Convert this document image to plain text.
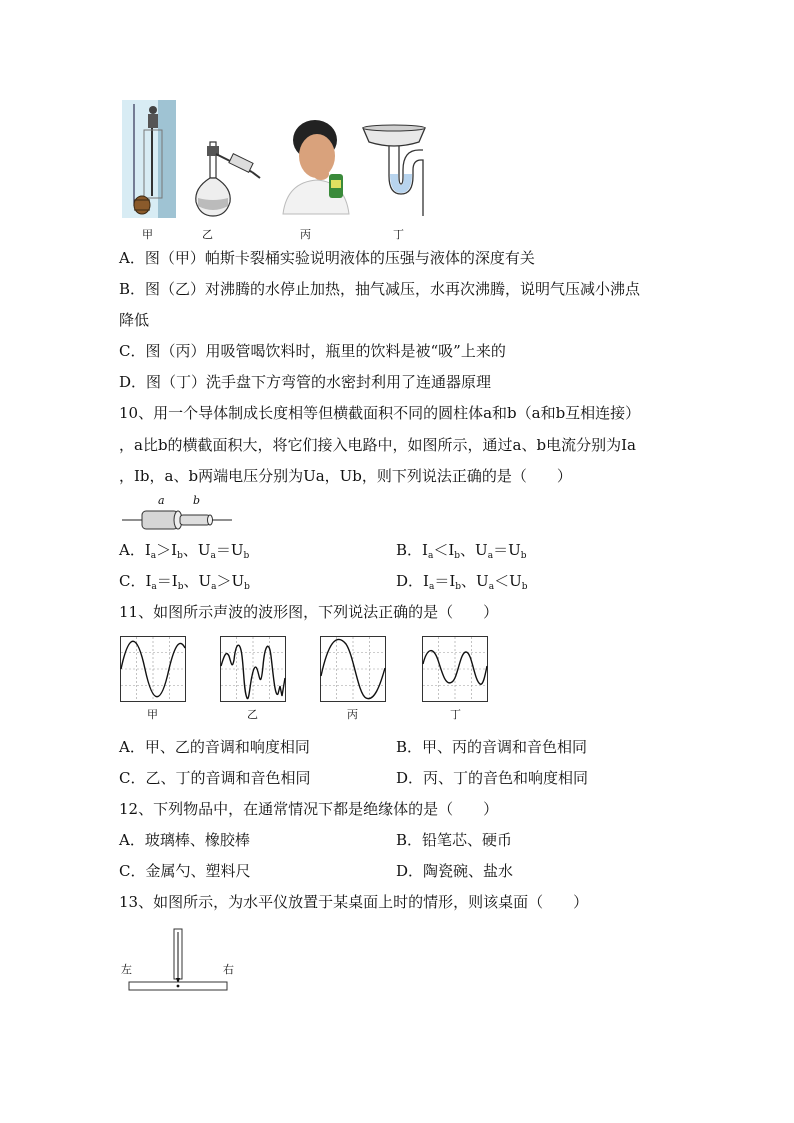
甲	乙	丙	丁
A．图（甲）帕斯卡裂桶实验说明液体的压强与液体的深度有关
B．图（乙）对沸腾的水停止加热，抽气减压，水再次沸腾，说明气压减小沸点
降低
C．图（丙）用吸管喝饮料时，瓶里的饮料是被“吸”上来的
D．图（丁）洗手盘下方弯管的水密封利用了连通器原理
10、用一个导体制成长度相等但横截面积不同的圆柱体a和b（a和b互相连接）
，a比b的横截面积大，将它们接入电路中，如图所示，通过a、b电流分别为Ia
，Ib，a、b两端电压分别为Ua，Ub，则下列说法正确的是（　　）
a	b
A．$I_a>I_b$、$U_a=U_b$	B．$I_a<I_b$、$U_a=U_b$
C．$I_a=I_b$、$U_a>U_b$	D．$I_a=I_b$、$U_a<U_b$
11、如图所示声波的波形图，下列说法正确的是（　　）
甲	乙	丙	丁
A．甲、乙的音调和响度相同	B．甲、丙的音调和音色相同
C．乙、丁的音调和音色相同	D．丙、丁的音色和响度相同
12、下列物品中，在通常情况下都是绝缘体的是（　　）
A．玻璃棒、橡胶棒	B．铅笔芯、硬币
C．金属勺、塑料尺	D．陶瓷碗、盐水
13、如图所示，为水平仪放置于某桌面上时的情形，则该桌面（　　）
左	右
